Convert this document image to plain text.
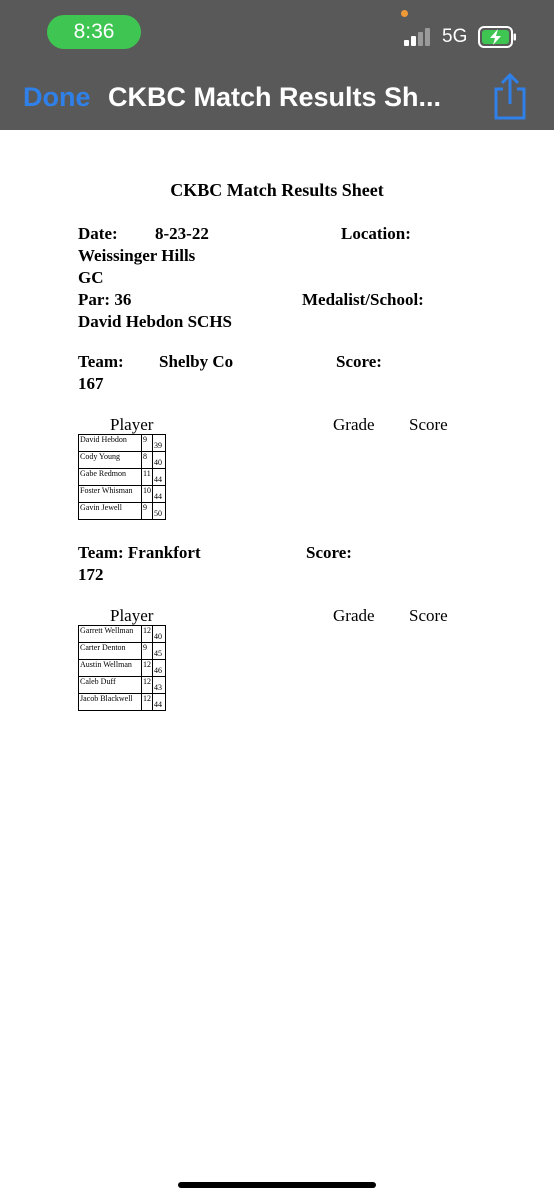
8:36	5G
Done CKBC Match Results Sh...
CKBC Match Results Sheet
Date: 8-23-22	Location:
Weissinger Hills
GC
Par: 36	Medalist/School:
David Hebdon SCHS
Team: Shelby Co	Score:
167
Player	Grade Score
David Hebdon	9	39
Cody Young	8	40
Gabe Redmon	11	44
Foster Whisman	10	44
Gavin Jewell	9	50
Team: Frankfort	Score:
172
Player	Grade Score
Garrett Wellman	12	40
Carter Denton	9	45
Austin Wellman	12	46
Caleb Duff	12	43
Jacob Blackwell	12	44
